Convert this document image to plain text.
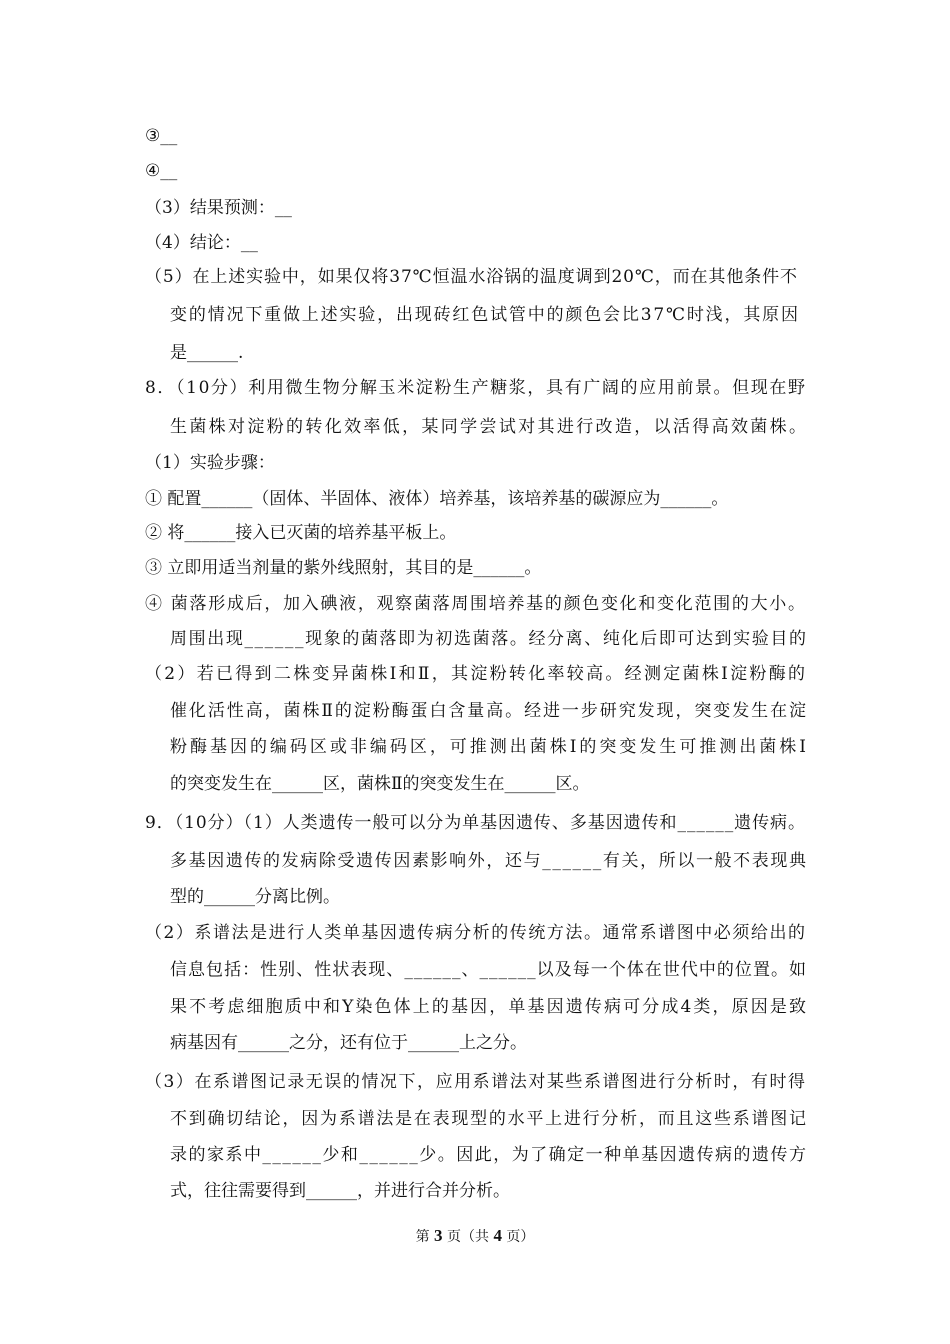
③__
④__
（3）结果预测：__
（4）结论：__
（5）在上述实验中，如果仅将37℃恒温水浴锅的温度调到20℃，而在其他条件不
变的情况下重做上述实验，出现砖红色试管中的颜色会比37℃时浅，其原因
是______.
8．（10分）利用微生物分解玉米淀粉生产糖浆，具有广阔的应用前景。但现在野
生菌株对淀粉的转化效率低，某同学尝试对其进行改造，以活得高效菌株。
（1）实验步骤：
① 配置______（固体、半固体、液体）培养基，该培养基的碳源应为______。
② 将______接入已灭菌的培养基平板上。
③ 立即用适当剂量的紫外线照射，其目的是______。
④ 菌落形成后，加入碘液，观察菌落周围培养基的颜色变化和变化范围的大小。
周围出现______现象的菌落即为初选菌落。经分离、纯化后即可达到实验目的
（2）若已得到二株变异菌株Ⅰ和Ⅱ，其淀粉转化率较高。经测定菌株Ⅰ淀粉酶的
催化活性高，菌株Ⅱ的淀粉酶蛋白含量高。经进一步研究发现，突变发生在淀
粉酶基因的编码区或非编码区，可推测出菌株Ⅰ的突变发生可推测出菌株Ⅰ
的突变发生在______区，菌株Ⅱ的突变发生在______区。
9．（10分）（1）人类遗传一般可以分为单基因遗传、多基因遗传和______遗传病。
多基因遗传的发病除受遗传因素影响外，还与______有关，所以一般不表现典
型的______分离比例。
（2）系谱法是进行人类单基因遗传病分析的传统方法。通常系谱图中必须给出的
信息包括：性别、性状表现、______、______以及每一个体在世代中的位置。如
果不考虑细胞质中和Y染色体上的基因，单基因遗传病可分成4类，原因是致
病基因有______之分，还有位于______上之分。
（3）在系谱图记录无误的情况下，应用系谱法对某些系谱图进行分析时，有时得
不到确切结论，因为系谱法是在表现型的水平上进行分析，而且这些系谱图记
录的家系中______少和______少。因此，为了确定一种单基因遗传病的遗传方
式，往往需要得到______，并进行合并分析。
第 3 页（共 4 页）
